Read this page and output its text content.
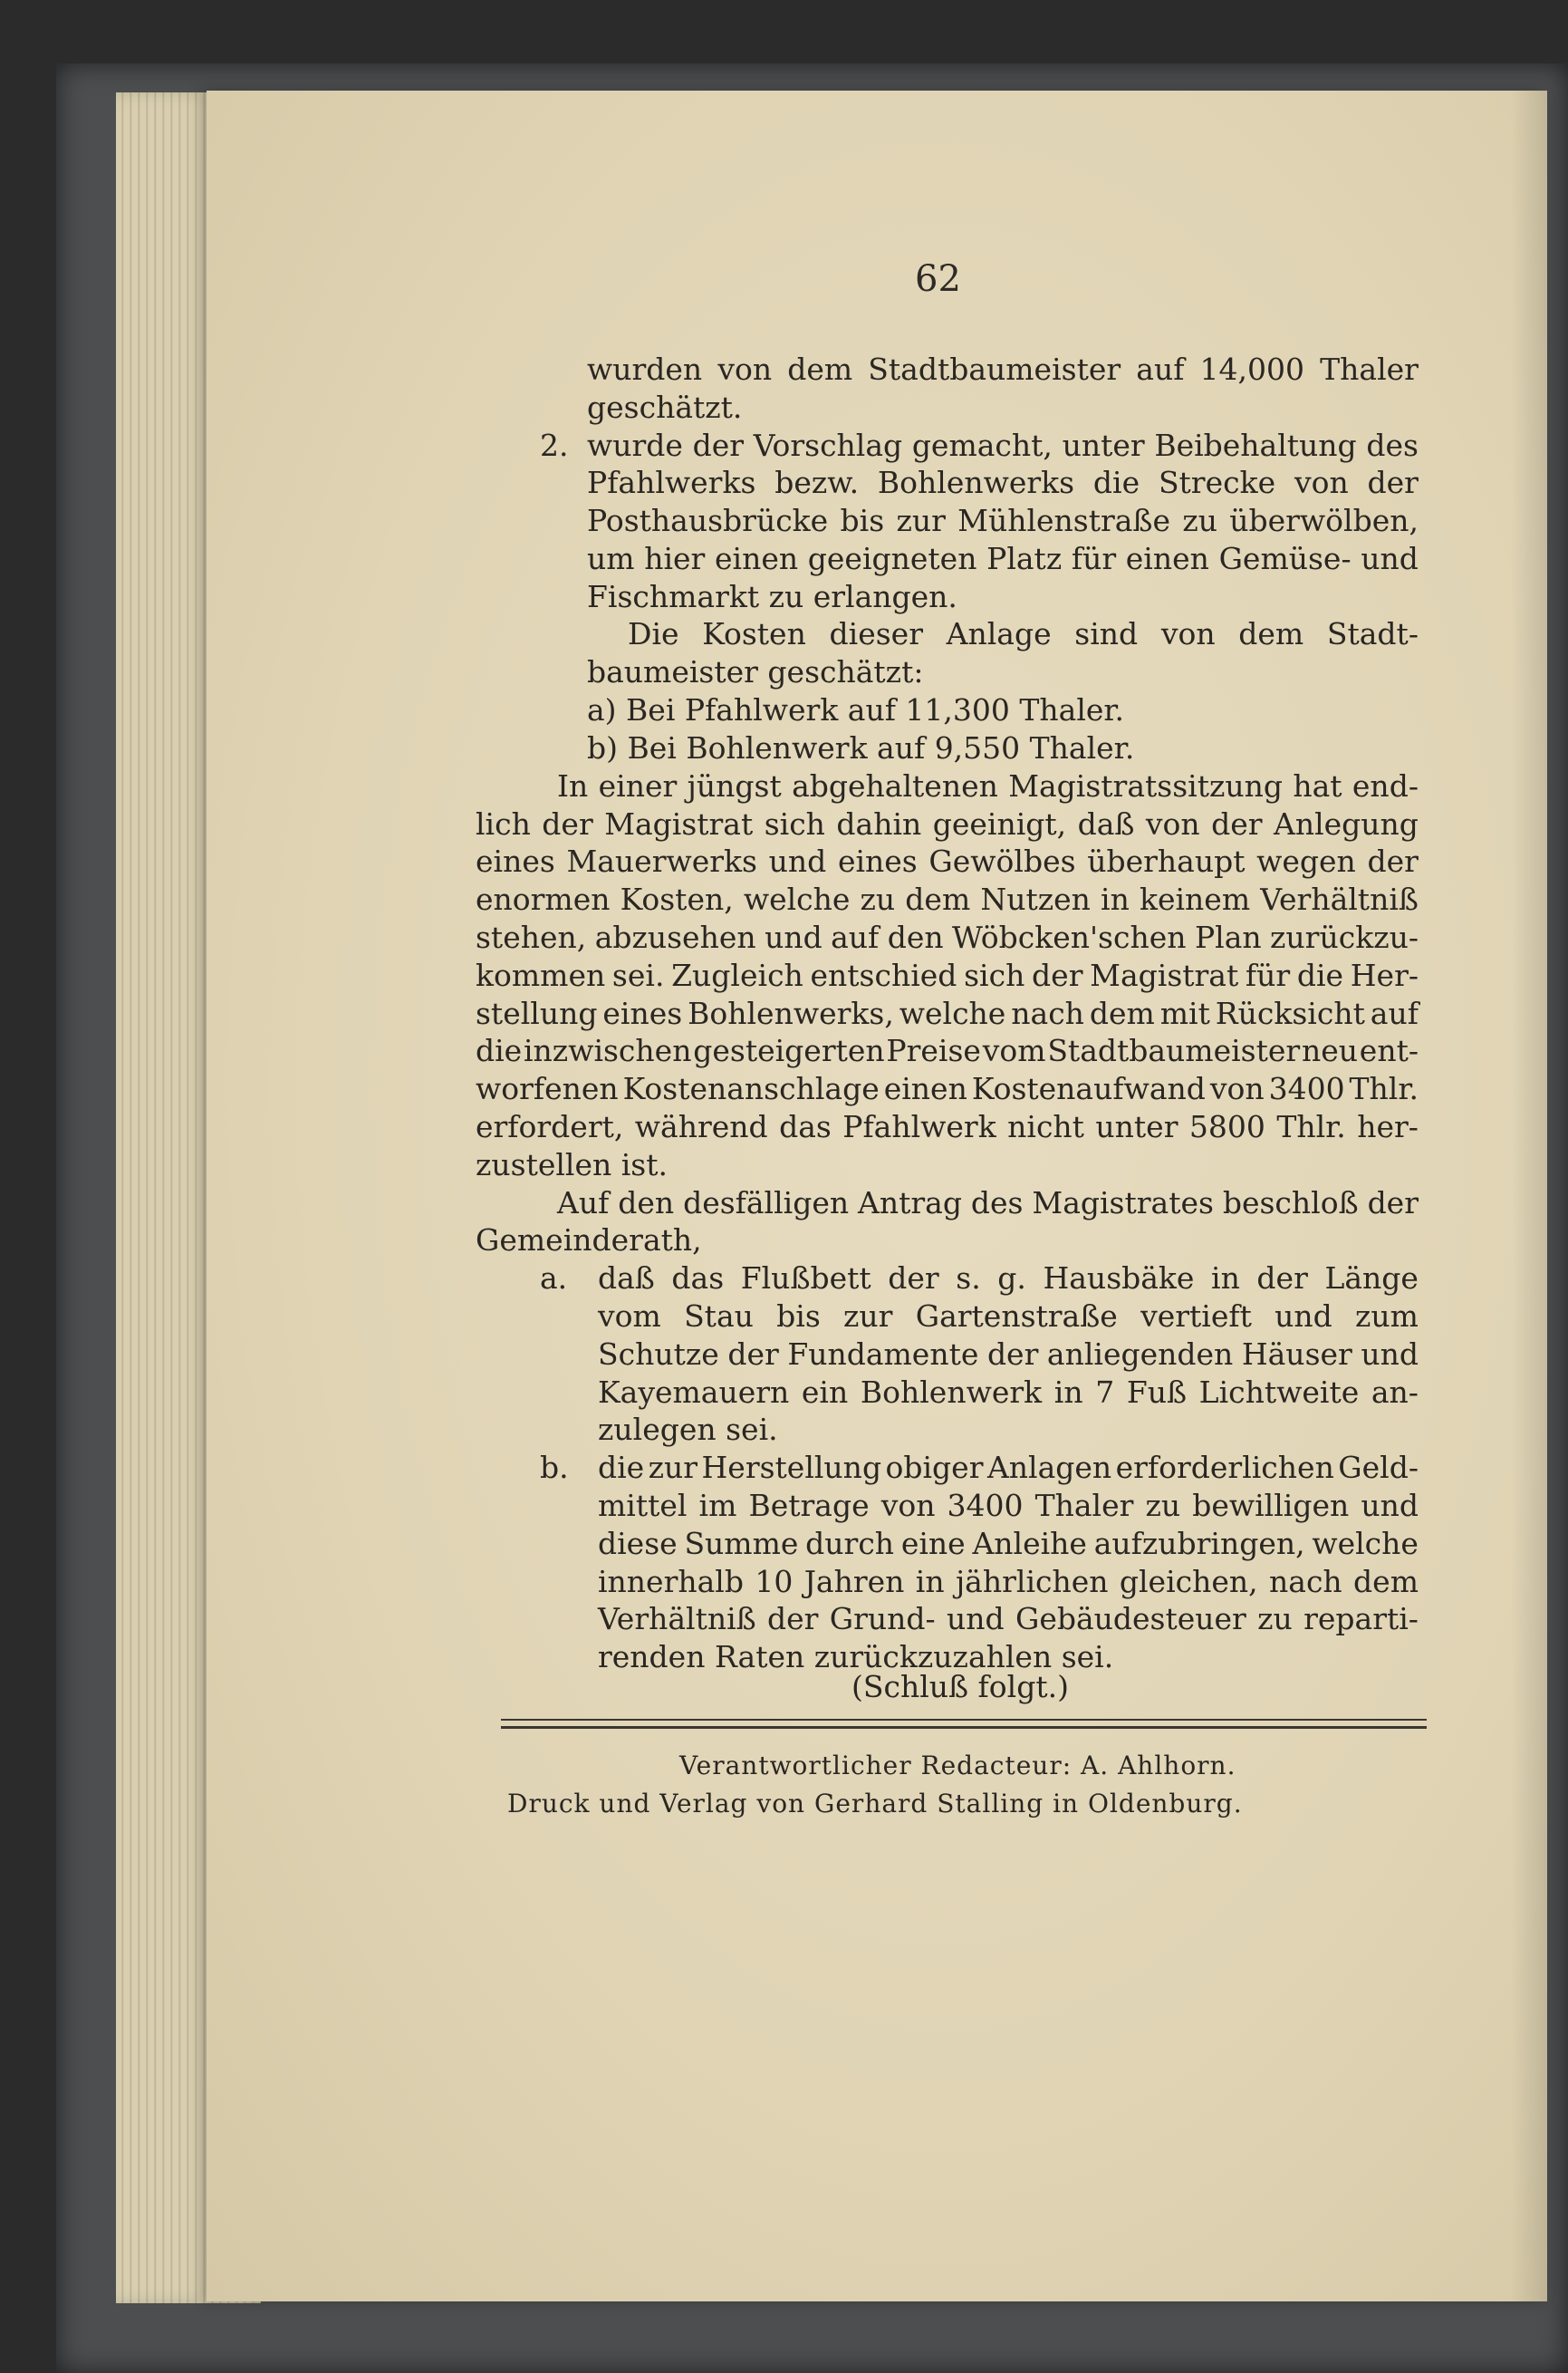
62
wurden von dem Stadtbaumeister auf 14,000 Thaler
geschätzt.
2. wurde der Vorschlag gemacht, unter Beibehaltung des
Pfahlwerks bezw. Bohlenwerks die Strecke von der
Posthausbrücke bis zur Mühlenstraße zu überwölben,
um hier einen geeigneten Platz für einen Gemüse- und
Fischmarkt zu erlangen.
Die Kosten dieser Anlage sind von dem Stadt-
baumeister geschätzt:
a) Bei Pfahlwerk auf 11,300 Thaler.
b) Bei Bohlenwerk auf 9,550 Thaler.
In einer jüngst abgehaltenen Magistratssitzung hat end-
lich der Magistrat sich dahin geeinigt, daß von der Anlegung
eines Mauerwerks und eines Gewölbes überhaupt wegen der
enormen Kosten, welche zu dem Nutzen in keinem Verhältniß
stehen, abzusehen und auf den Wöbcken'schen Plan zurückzu-
kommen sei. Zugleich entschied sich der Magistrat für die Her-
stellung eines Bohlenwerks, welche nach dem mit Rücksicht auf
die inzwischen gesteigerten Preise vom Stadtbaumeister neu ent-
worfenen Kostenanschlage einen Kostenaufwand von 3400 Thlr.
erfordert, während das Pfahlwerk nicht unter 5800 Thlr. her-
zustellen ist.
Auf den desfälligen Antrag des Magistrates beschloß der
Gemeinderath,
a. daß das Flußbett der s. g. Hausbäke in der Länge
vom Stau bis zur Gartenstraße vertieft und zum
Schutze der Fundamente der anliegenden Häuser und
Kayemauern ein Bohlenwerk in 7 Fuß Lichtweite an-
zulegen sei.
b. die zur Herstellung obiger Anlagen erforderlichen Geld-
mittel im Betrage von 3400 Thaler zu bewilligen und
diese Summe durch eine Anleihe aufzubringen, welche
innerhalb 10 Jahren in jährlichen gleichen, nach dem
Verhältniß der Grund- und Gebäudesteuer zu reparti-
renden Raten zurückzuzahlen sei.
(Schluß folgt.)
Verantwortlicher Redacteur: A. Ahlhorn.
Druck und Verlag von Gerhard Stalling in Oldenburg.
